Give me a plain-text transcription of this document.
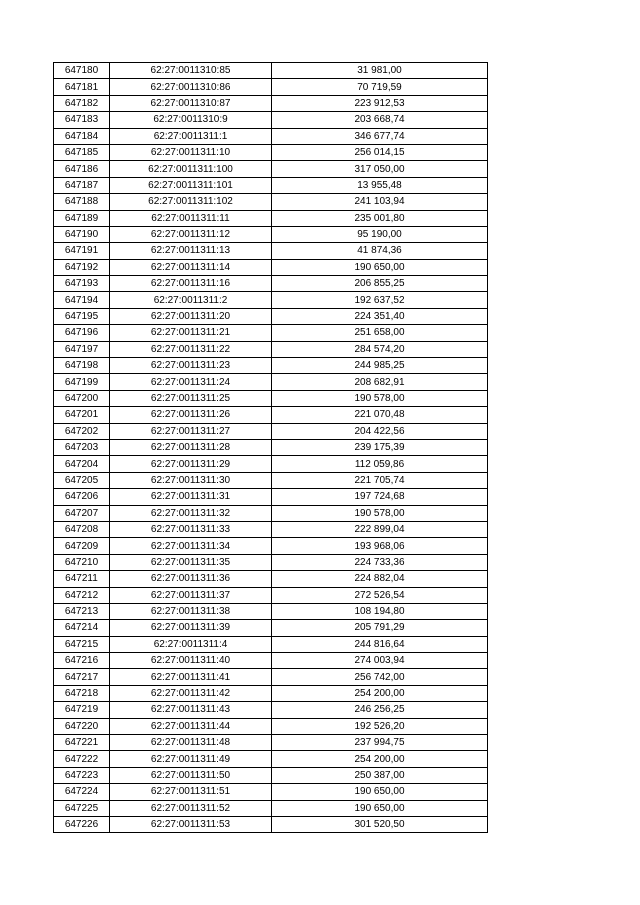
647180	62:27:0011310:85	31 981,00
647181	62:27:0011310:86	70 719,59
647182	62:27:0011310:87	223 912,53
647183	62:27:0011310:9	203 668,74
647184	62:27:0011311:1	346 677,74
647185	62:27:0011311:10	256 014,15
647186	62:27:0011311:100	317 050,00
647187	62:27:0011311:101	13 955,48
647188	62:27:0011311:102	241 103,94
647189	62:27:0011311:11	235 001,80
647190	62:27:0011311:12	95 190,00
647191	62:27:0011311:13	41 874,36
647192	62:27:0011311:14	190 650,00
647193	62:27:0011311:16	206 855,25
647194	62:27:0011311:2	192 637,52
647195	62:27:0011311:20	224 351,40
647196	62:27:0011311:21	251 658,00
647197	62:27:0011311:22	284 574,20
647198	62:27:0011311:23	244 985,25
647199	62:27:0011311:24	208 682,91
647200	62:27:0011311:25	190 578,00
647201	62:27:0011311:26	221 070,48
647202	62:27:0011311:27	204 422,56
647203	62:27:0011311:28	239 175,39
647204	62:27:0011311:29	112 059,86
647205	62:27:0011311:30	221 705,74
647206	62:27:0011311:31	197 724,68
647207	62:27:0011311:32	190 578,00
647208	62:27:0011311:33	222 899,04
647209	62:27:0011311:34	193 968,06
647210	62:27:0011311:35	224 733,36
647211	62:27:0011311:36	224 882,04
647212	62:27:0011311:37	272 526,54
647213	62:27:0011311:38	108 194,80
647214	62:27:0011311:39	205 791,29
647215	62:27:0011311:4	244 816,64
647216	62:27:0011311:40	274 003,94
647217	62:27:0011311:41	256 742,00
647218	62:27:0011311:42	254 200,00
647219	62:27:0011311:43	246 256,25
647220	62:27:0011311:44	192 526,20
647221	62:27:0011311:48	237 994,75
647222	62:27:0011311:49	254 200,00
647223	62:27:0011311:50	250 387,00
647224	62:27:0011311:51	190 650,00
647225	62:27:0011311:52	190 650,00
647226	62:27:0011311:53	301 520,50
